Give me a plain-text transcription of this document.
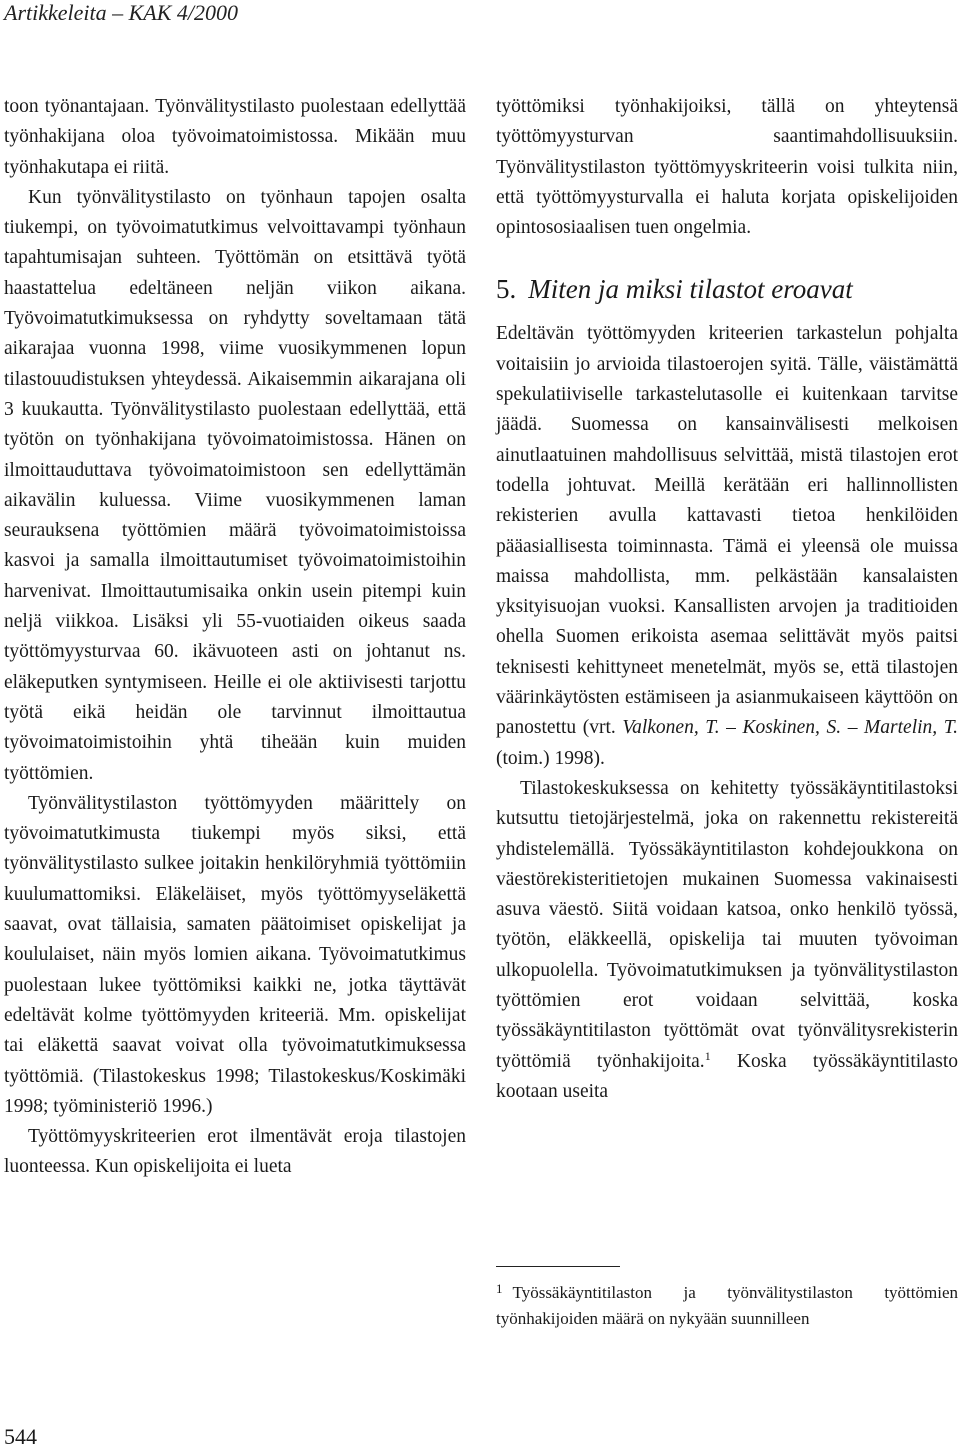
Artikkeleita – KAK 4/2000

toon työnantajaan. Työnvälitystilasto puolestaan edellyttää työnhakijana oloa työvoimatoimistossa. Mikään muu työnhakutapa ei riitä.

Kun työnvälitystilasto on työnhaun tapojen osalta tiukempi, on työvoimatutkimus velvoittavampi työnhaun tapahtumisajan suhteen. Työttömän on etsittävä työtä haastattelua edeltäneen neljän viikon aikana. Työvoimatutkimuksessa on ryhdytty soveltamaan tätä aikarajaa vuonna 1998, viime vuosikymmenen lopun tilastouudistuksen yhteydessä. Aikaisemmin aikarajana oli 3 kuukautta. Työnvälitystilasto puolestaan edellyttää, että työtön on työnhakijana työvoimatoimistossa. Hänen on ilmoittauduttava työvoimatoimistoon sen edellyttämän aikavälin kuluessa. Viime vuosikymmenen laman seurauksena työttömien määrä työvoimatoimistoissa kasvoi ja samalla ilmoittautumiset työvoimatoimistoihin harvenivat. Ilmoittautumisaika onkin usein pitempi kuin neljä viikkoa. Lisäksi yli 55-vuotiaiden oikeus saada työttömyysturvaa 60. ikävuoteen asti on johtanut ns. eläkeputken syntymiseen. Heille ei ole aktiivisesti tarjottu työtä eikä heidän ole tarvinnut ilmoittautua työvoimatoimistoihin yhtä tiheään kuin muiden työttömien.

Työnvälitystilaston työttömyyden määrittely on työvoimatutkimusta tiukempi myös siksi, että työnvälitystilasto sulkee joitakin henkilöryhmiä työttömiin kuulumattomiksi. Eläkeläiset, myös työttömyyseläkettä saavat, ovat tällaisia, samaten päätoimiset opiskelijat ja koululaiset, näin myös lomien aikana. Työvoimatutkimus puolestaan lukee työttömiksi kaikki ne, jotka täyttävät edeltävät kolme työttömyyden kriteeriä. Mm. opiskelijat tai eläkettä saavat voivat olla työvoimatutkimuksessa työttömiä. (Tilastokeskus 1998; Tilastokeskus/Koskimäki 1998; työministeriö 1996.)

Työttömyyskriteerien erot ilmentävät eroja tilastojen luonteessa. Kun opiskelijoita ei lueta

työttömiksi työnhakijoiksi, tällä on yhteytensä työttömyysturvan saantimahdollisuuksiin. Työnvälitystilaston työttömyyskriteerin voisi tulkita niin, että työttömyysturvalla ei haluta korjata opiskelijoiden opintososiaalisen tuen ongelmia.

5. Miten ja miksi tilastot eroavat

Edeltävän työttömyyden kriteerien tarkastelun pohjalta voitaisiin jo arvioida tilastoerojen syitä. Tälle, väistämättä spekulatiiviselle tarkastelutasolle ei kuitenkaan tarvitse jäädä. Suomessa on kansainvälisesti melkoisen ainutlaatuinen mahdollisuus selvittää, mistä tilastojen erot todella johtuvat. Meillä kerätään eri hallinnollisten rekisterien avulla kattavasti tietoa henkilöiden pääasiallisesta toiminnasta. Tämä ei yleensä ole muissa maissa mahdollista, mm. pelkästään kansalaisten yksityisuojan vuoksi. Kansallisten arvojen ja traditioiden ohella Suomen erikoista asemaa selittävät myös paitsi teknisesti kehittyneet menetelmät, myös se, että tilastojen väärinkäytösten estämiseen ja asianmukaiseen käyttöön on panostettu (vrt. Valkonen, T. – Koskinen, S. – Martelin, T. (toim.) 1998).

Tilastokeskuksessa on kehitetty työssäkäyntitilastoksi kutsuttu tietojärjestelmä, joka on rakennettu rekistereitä yhdistelemällä. Työssäkäyntitilaston kohdejoukkona on väestörekisteritietojen mukainen Suomessa vakinaisesti asuva väestö. Siitä voidaan katsoa, onko henkilö työssä, työtön, eläkkeellä, opiskelija tai muuten työvoiman ulkopuolella. Työvoimatutkimuksen ja työnvälitystilaston työttömien erot voidaan selvittää, koska työssäkäyntitilaston työttömät ovat työnvälitysrekisterin työttömiä työnhakijoita.$^1$ Koska työssäkäyntitilasto kootaan useita

$^1$ Työssäkäyntitilaston ja työnvälitystilaston työttömien työnhakijoiden määrä on nykyään suunnilleen
544
